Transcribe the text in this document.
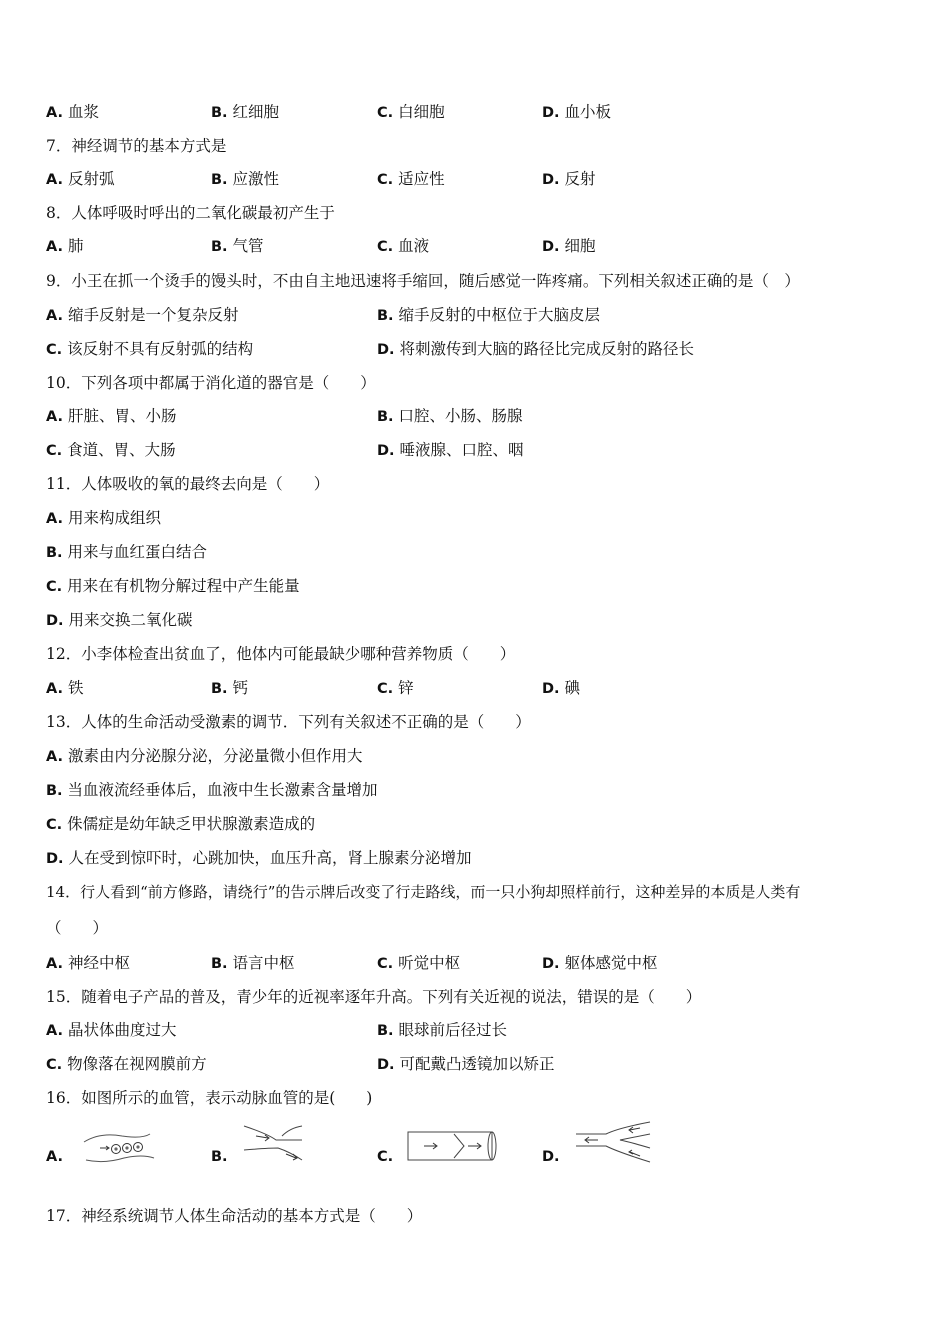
A. 血浆	B. 红细胞	C. 白细胞	D. 血小板
7．神经调节的基本方式是
A. 反射弧	B. 应激性	C. 适应性	D. 反射
8．人体呼吸时呼出的二氧化碳最初产生于
A. 肺	B. 气管	C. 血液	D. 细胞
9．小王在抓一个烫手的馒头时，不由自主地迅速将手缩回，随后感觉一阵疼痛。下列相关叙述正确的是（　）
A. 缩手反射是一个复杂反射	B. 缩手反射的中枢位于大脑皮层
C. 该反射不具有反射弧的结构	D. 将刺激传到大脑的路径比完成反射的路径长
10．下列各项中都属于消化道的器官是（　　）
A. 肝脏、胃、小肠	B. 口腔、小肠、肠腺
C. 食道、胃、大肠	D. 唾液腺、口腔、咽
11．人体吸收的氧的最终去向是（　　）
A. 用来构成组织
B. 用来与血红蛋白结合
C. 用来在有机物分解过程中产生能量
D. 用来交换二氧化碳
12．小李体检查出贫血了，他体内可能最缺少哪种营养物质（　　）
A. 铁	B. 钙	C. 锌	D. 碘
13．人体的生命活动受激素的调节．下列有关叙述不正确的是（　　）
A. 激素由内分泌腺分泌，分泌量微小但作用大
B. 当血液流经垂体后，血液中生长激素含量增加
C. 侏儒症是幼年缺乏甲状腺激素造成的
D. 人在受到惊吓时，心跳加快，血压升高，肾上腺素分泌增加
14．行人看到“前方修路，请绕行”的告示牌后改变了行走路线，而一只小狗却照样前行，这种差异的本质是人类有
（　　）
A. 神经中枢	B. 语言中枢	C. 听觉中枢	D. 躯体感觉中枢
15．随着电子产品的普及，青少年的近视率逐年升高。下列有关近视的说法，错误的是（　　）
A. 晶状体曲度过大	B. 眼球前后径过长
C. 物像落在视网膜前方	D. 可配戴凸透镜加以矫正
16．如图所示的血管，表示动脉血管的是(　　)
A.	B.	C.	D.
17．神经系统调节人体生命活动的基本方式是（　　）
